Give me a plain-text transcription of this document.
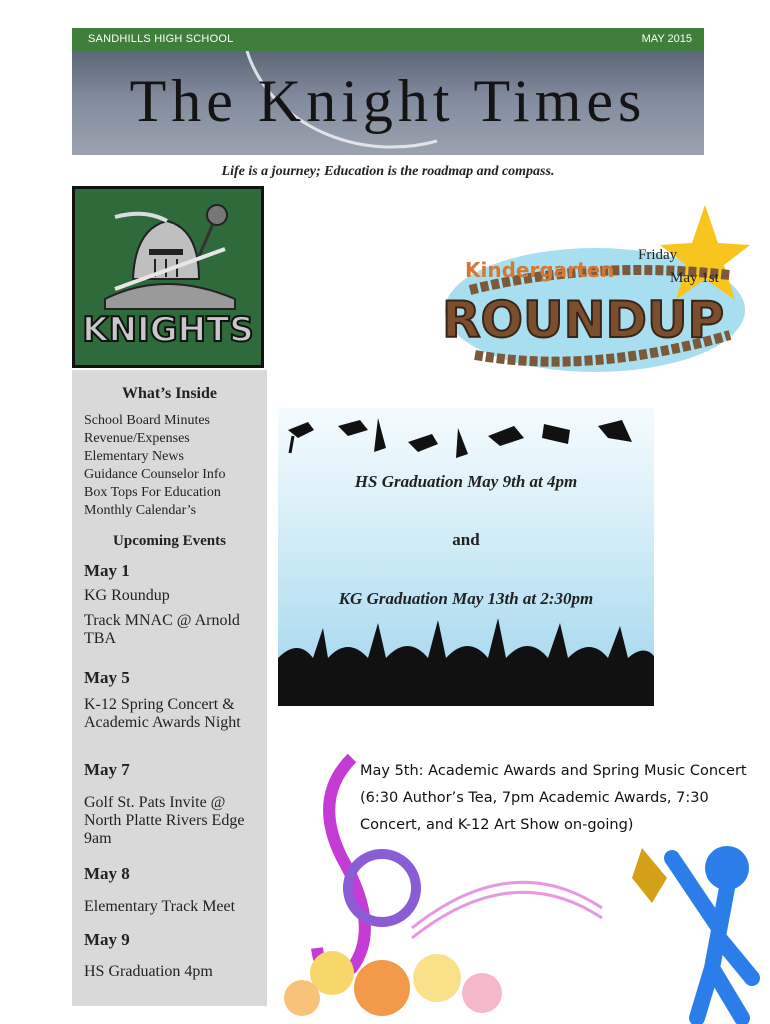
SANDHILLS HIGH SCHOOL	MAY 2015
The Knight Times
Life is a journey; Education is the roadmap and compass.
KNIGHTS
What’s Inside
School Board Minutes
Revenue/Expenses
Elementary News
Guidance Counselor Info
Box Tops For Education
Monthly Calendar’s
Upcoming Events
May 1
KG Roundup
Track MNAC @ Arnold TBA
May 5
K-12 Spring Concert & Academic Awards Night
May 7
Golf St. Pats Invite @ North Platte Rivers Edge 9am
May 8
Elementary Track Meet
May 9
HS Graduation 4pm
Kindergarten
ROUNDUP
Friday
May 1st
HS Graduation May 9th at 4pm
and
KG Graduation May 13th at 2:30pm
May 5th: Academic Awards and Spring Music Concert (6:30 Author’s Tea, 7pm Academic Awards, 7:30 Concert, and K-12 Art Show on-going)
